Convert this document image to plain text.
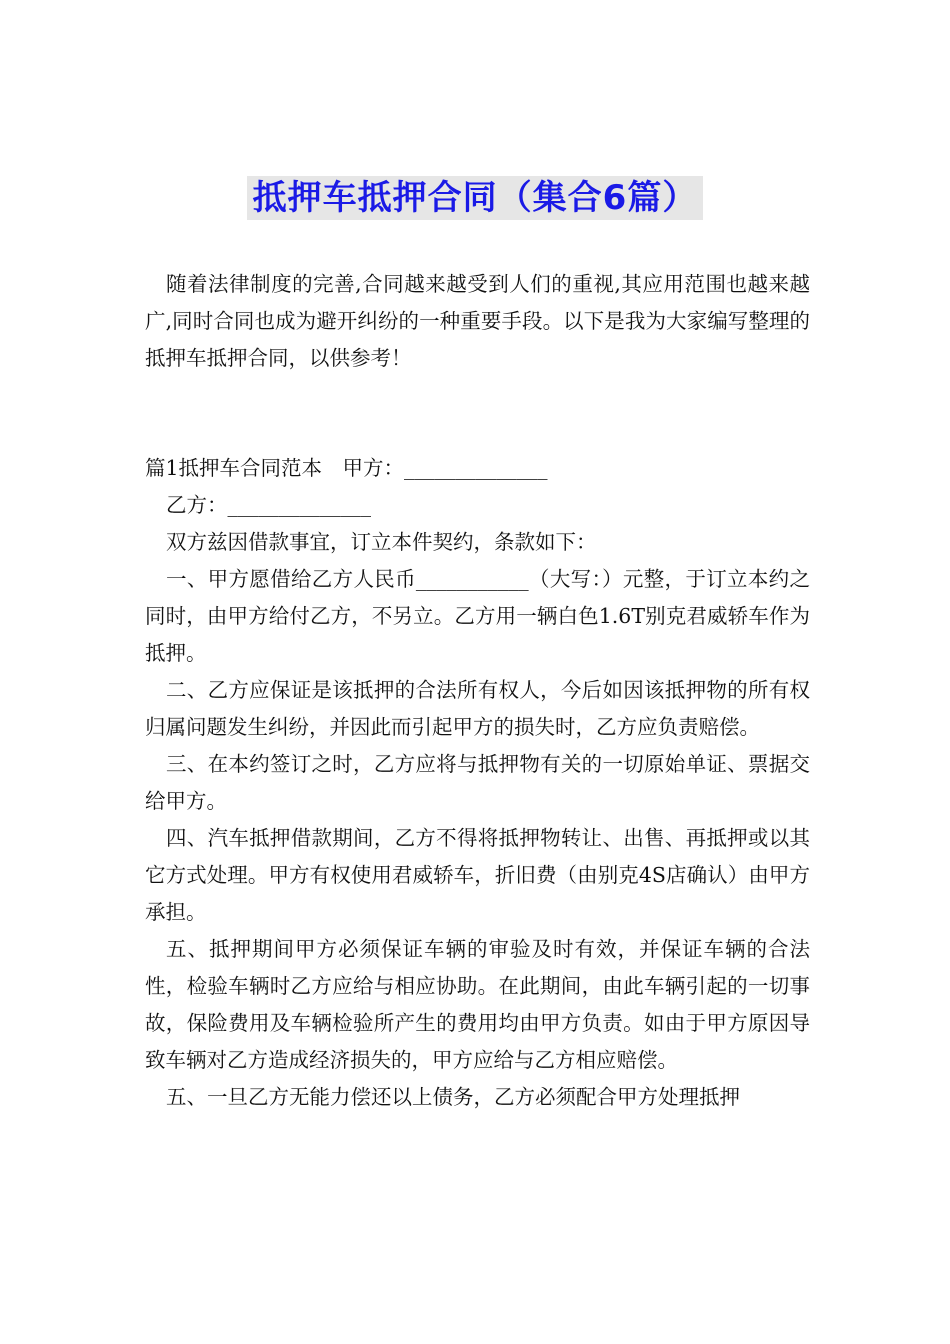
抵押车抵押合同（集合6篇）

随着法律制度的完善,合同越来越受到人们的重视,其应用范围也越来越广,同时合同也成为避开纠纷的一种重要手段。以下是我为大家编写整理的抵押车抵押合同，以供参考！

篇1抵押车合同范本　甲方：______________

乙方：______________

双方兹因借款事宜，订立本件契约，条款如下：

一、甲方愿借给乙方人民币___________（大写：）元整，于订立本约之同时，由甲方给付乙方，不另立。乙方用一辆白色1.6T别克君威轿车作为抵押。

二、乙方应保证是该抵押的合法所有权人，今后如因该抵押物的所有权归属问题发生纠纷，并因此而引起甲方的损失时，乙方应负责赔偿。

三、在本约签订之时，乙方应将与抵押物有关的一切原始单证、票据交给甲方。

四、汽车抵押借款期间，乙方不得将抵押物转让、出售、再抵押或以其它方式处理。甲方有权使用君威轿车，折旧费（由别克4S店确认）由甲方承担。

五、抵押期间甲方必须保证车辆的审验及时有效，并保证车辆的合法性，检验车辆时乙方应给与相应协助。在此期间，由此车辆引起的一切事故，保险费用及车辆检验所产生的费用均由甲方负责。如由于甲方原因导致车辆对乙方造成经济损失的，甲方应给与乙方相应赔偿。

五、一旦乙方无能力偿还以上债务，乙方必须配合甲方处理抵押
